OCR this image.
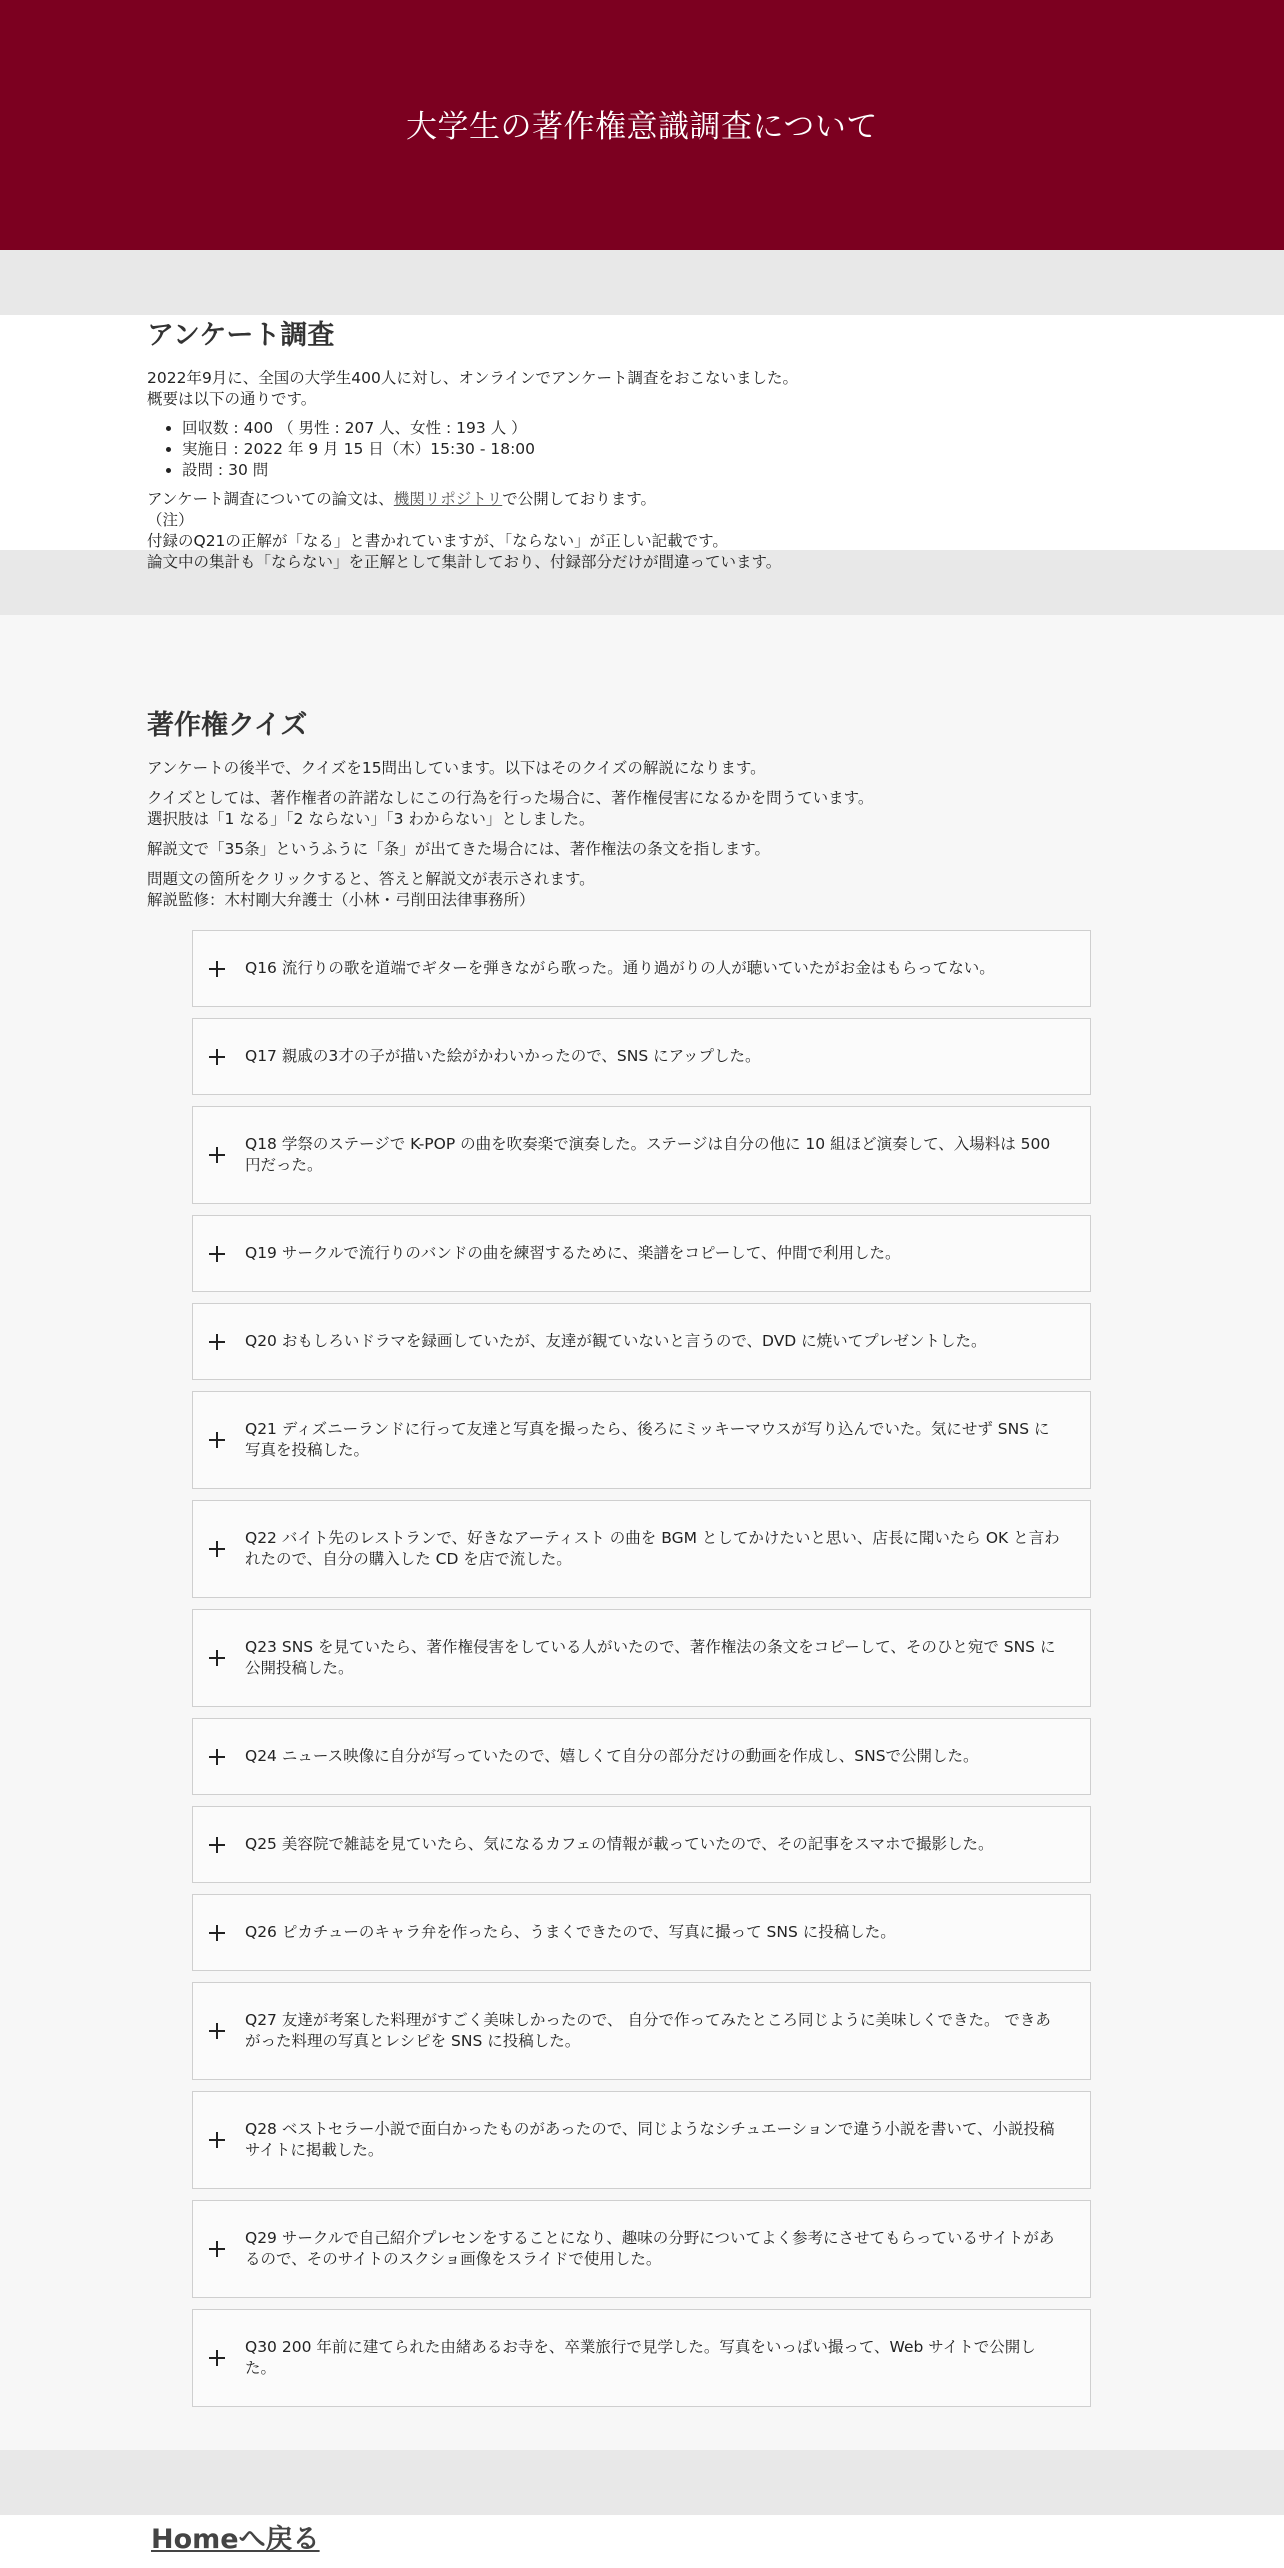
大学生の著作権意識調査について
アンケート調査

2022年9月に、全国の大学生400人に対し、オンラインでアンケート調査をおこないました。
概要は以下の通りです。

• 回収数 : 400 （ 男性 : 207 人、女性 : 193 人 ）
• 実施日 : 2022 年 9 月 15 日（木）15:30 - 18:00
• 設問 : 30 問

アンケート調査についての論文は、機関リポジトリで公開しております。
（注）
付録のQ21の正解が「なる」と書かれていますが、「ならない」が正しい記載です。
論文中の集計も「ならない」を正解として集計しており、付録部分だけが間違っています。

著作権クイズ

アンケートの後半で、クイズを15問出しています。以下はそのクイズの解説になります。

クイズとしては、著作権者の許諾なしにこの行為を行った場合に、著作権侵害になるかを問うています。
選択肢は「1 なる」「2 ならない」「3 わからない」としました。

解説文で「35条」というふうに「条」が出てきた場合には、著作権法の条文を指します。

問題文の箇所をクリックすると、答えと解説文が表示されます。
解説監修：木村剛大弁護士（小林・弓削田法律事務所）

Q16 流行りの歌を道端でギターを弾きながら歌った。通り過がりの人が聴いていたがお金はもらってない。
Q17 親戚の3才の子が描いた絵がかわいかったので、SNS にアップした。
Q18 学祭のステージで K-POP の曲を吹奏楽で演奏した。ステージは自分の他に 10 組ほど演奏して、入場料は 500 円だった。
Q19 サークルで流行りのバンドの曲を練習するために、楽譜をコピーして、仲間で利用した。
Q20 おもしろいドラマを録画していたが、友達が観ていないと言うので、DVD に焼いてプレゼントした。
Q21 ディズニーランドに行って友達と写真を撮ったら、後ろにミッキーマウスが写り込んでいた。気にせず SNS に写真を投稿した。
Q22 バイト先のレストランで、好きなアーティスト の曲を BGM としてかけたいと思い、店長に聞いたら OK と言われたので、自分の購入した CD を店で流した。
Q23 SNS を見ていたら、著作権侵害をしている人がいたので、著作権法の条文をコピーして、そのひと宛で SNS に公開投稿した。
Q24 ニュース映像に自分が写っていたので、嬉しくて自分の部分だけの動画を作成し、SNSで公開した。
Q25 美容院で雑誌を見ていたら、気になるカフェの情報が載っていたので、その記事をスマホで撮影した。
Q26 ピカチューのキャラ弁を作ったら、うまくできたので、写真に撮って SNS に投稿した。
Q27 友達が考案した料理がすごく美味しかったので、 自分で作ってみたところ同じように美味しくできた。 できあがった料理の写真とレシピを SNS に投稿した。
Q28 ベストセラー小説で面白かったものがあったので、同じようなシチュエーションで違う小説を書いて、小説投稿サイトに掲載した。
Q29 サークルで自己紹介プレセンをすることになり、趣味の分野についてよく参考にさせてもらっているサイトがあるので、そのサイトのスクショ画像をスライドで使用した。
Q30 200 年前に建てられた由緒あるお寺を、卒業旅行で見学した。写真をいっぱい撮って、Web サイトで公開した。
Homeへ戻る
